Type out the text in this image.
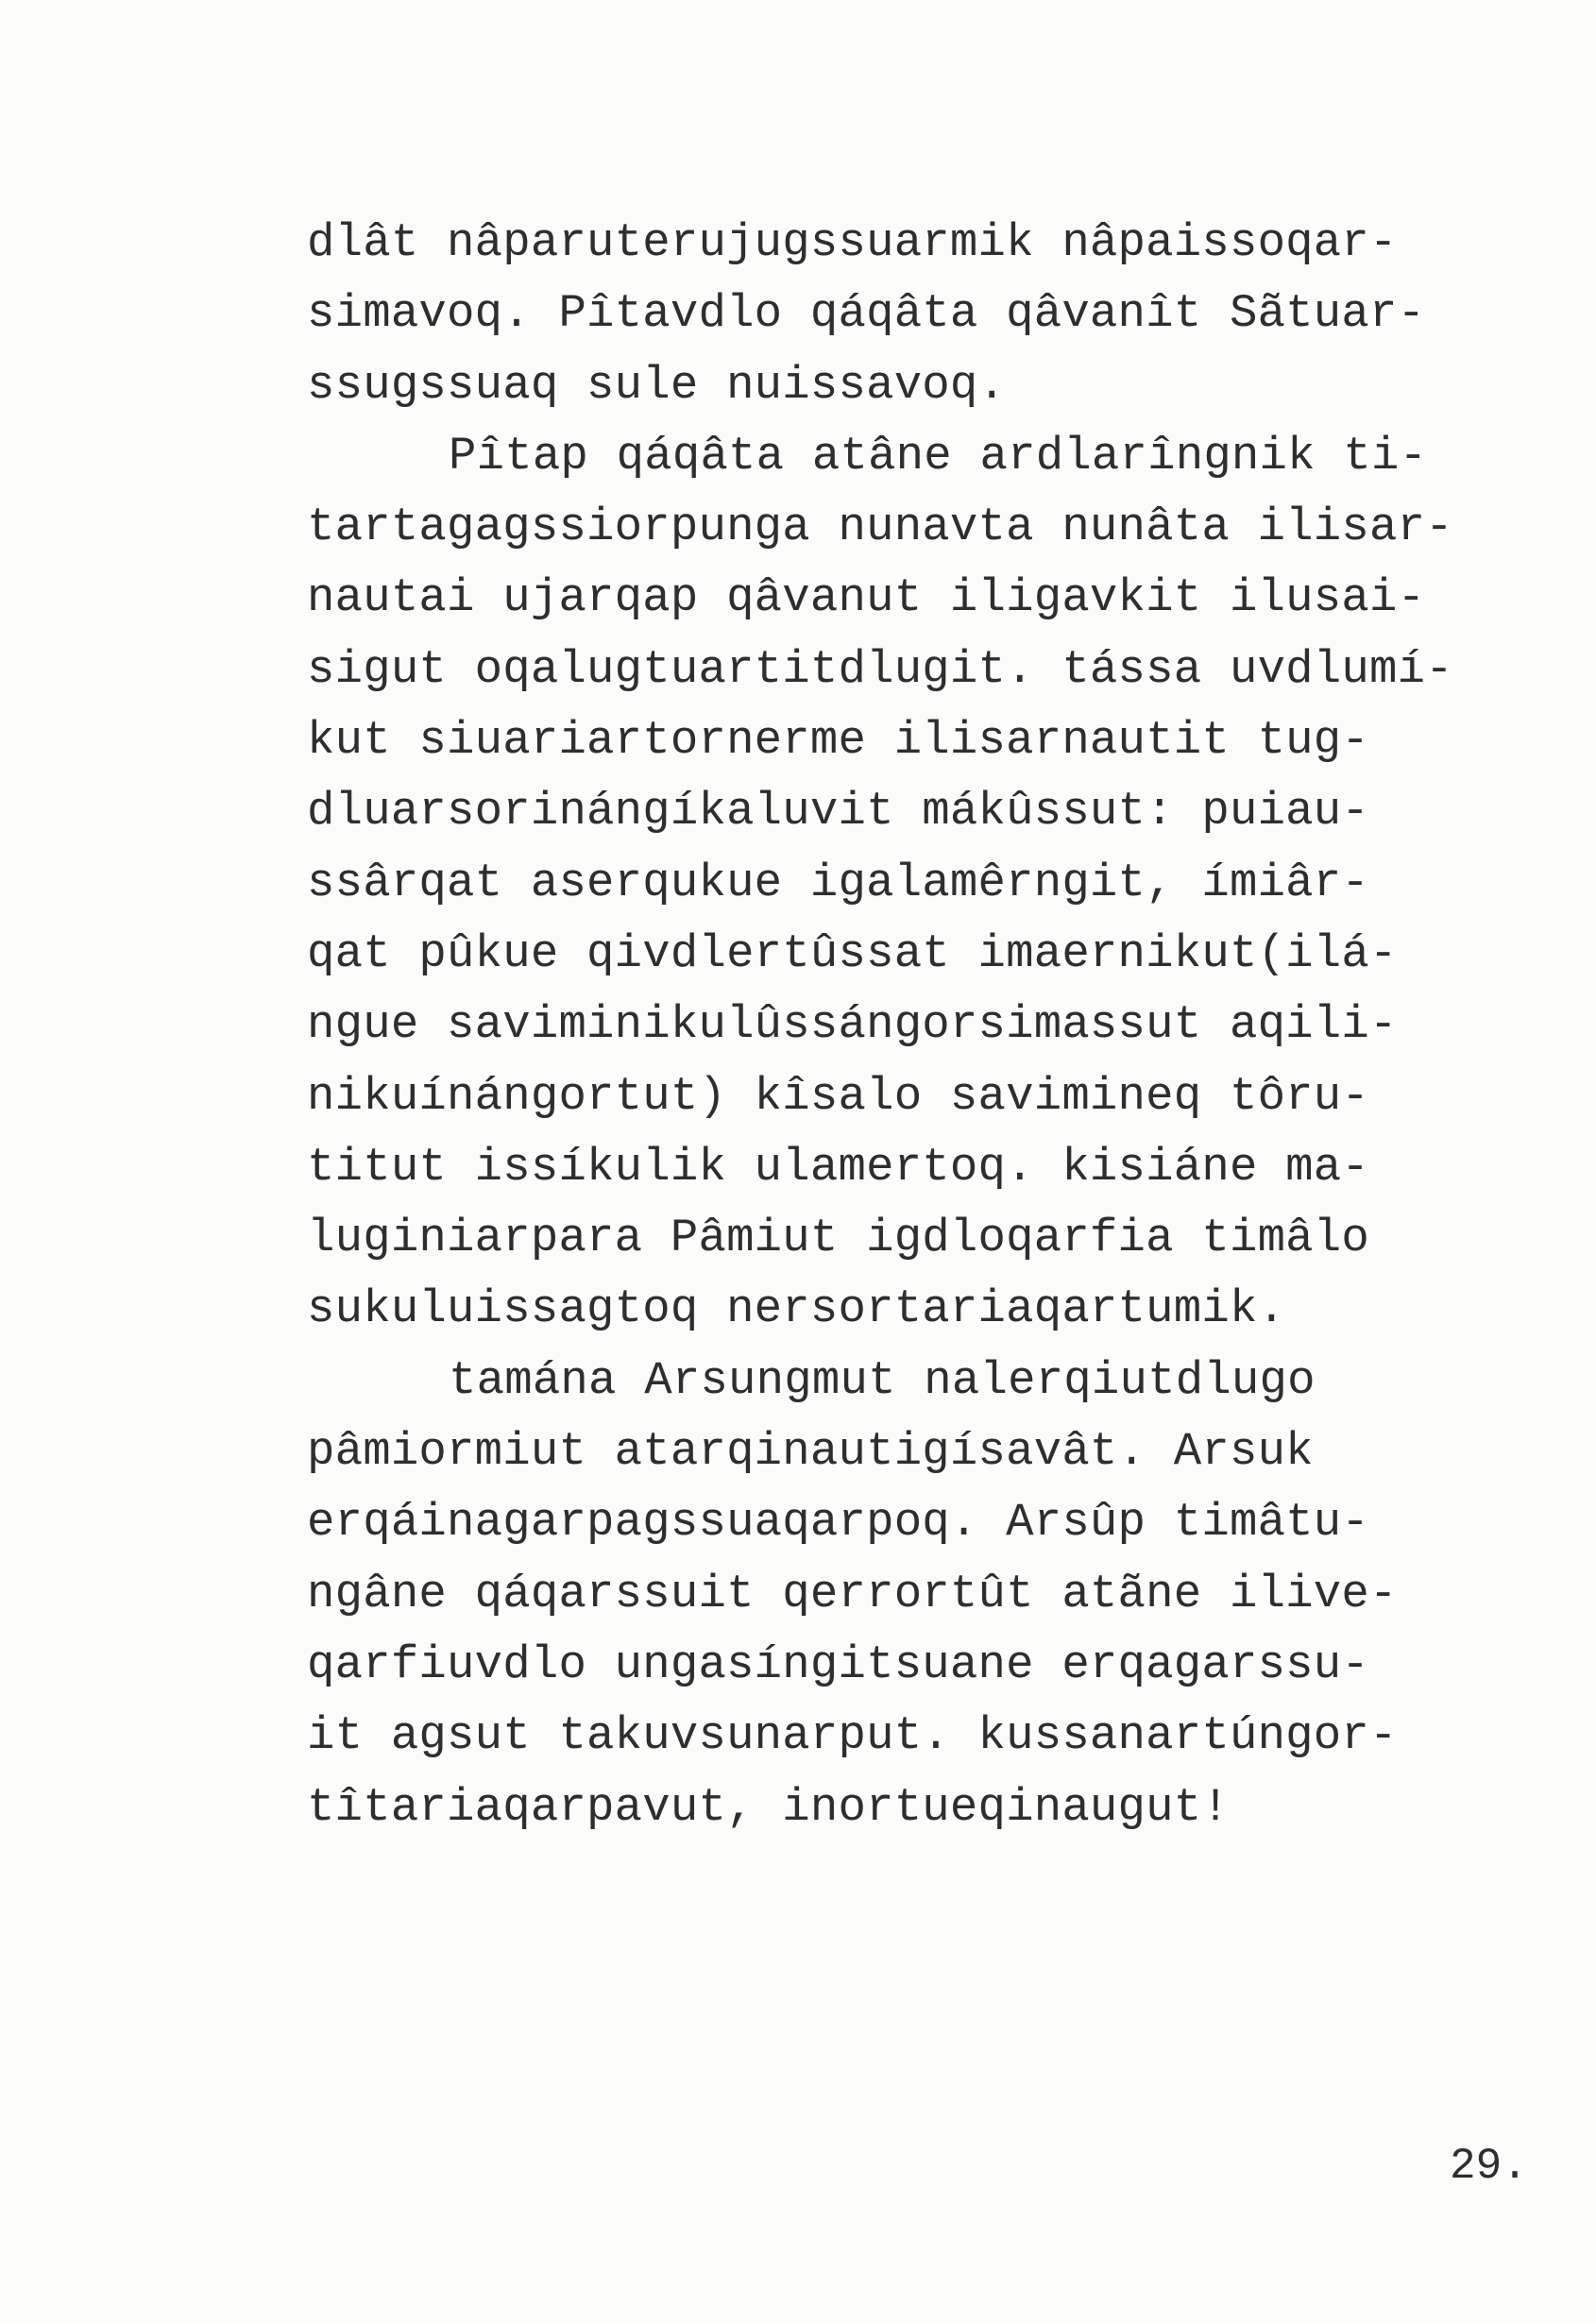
dlât nâparuterujugssuarmik nâpaissoqar-
simavoq. Pîtavdlo qáqâta qâvanît Sãtuar-
ssugssuaq sule nuissavoq.
Pîtap qáqâta atâne ardlarîngnik ti-
tartagagssiorpunga nunavta nunâta ilisar-
nautai ujarqap qâvanut iligavkit ilusai-
sigut oqalugtuartitdlugit. tássa uvdlumí-
kut siuariartornerme ilisarnautit tug-
dluarsorinángíkaluvit mákûssut: puiau-
ssârqat aserqukue igalamêrngit, ímiâr-
qat pûkue qivdlertûssat imaernikut(ilá-
ngue saviminikulûssángorsimassut aqili-
nikuínángortut) kîsalo savimineq tôru-
titut issíkulik ulamertoq. kisiáne ma-
luginiarpara Pâmiut igdloqarfia timâlo
sukuluissagtoq nersortariaqartumik.
tamána Arsungmut nalerqiutdlugo
pâmiormiut atarqinautigísavât. Arsuk
erqáinagarpagssuaqarpoq. Arsûp timâtu-
ngâne qáqarssuit qerrortût atãne ilive-
qarfiuvdlo ungasíngitsuane erqagarssu-
it agsut takuvsunarput. kussanartúngor-
tîtariaqarpavut, inortueqinaugut!
29.
